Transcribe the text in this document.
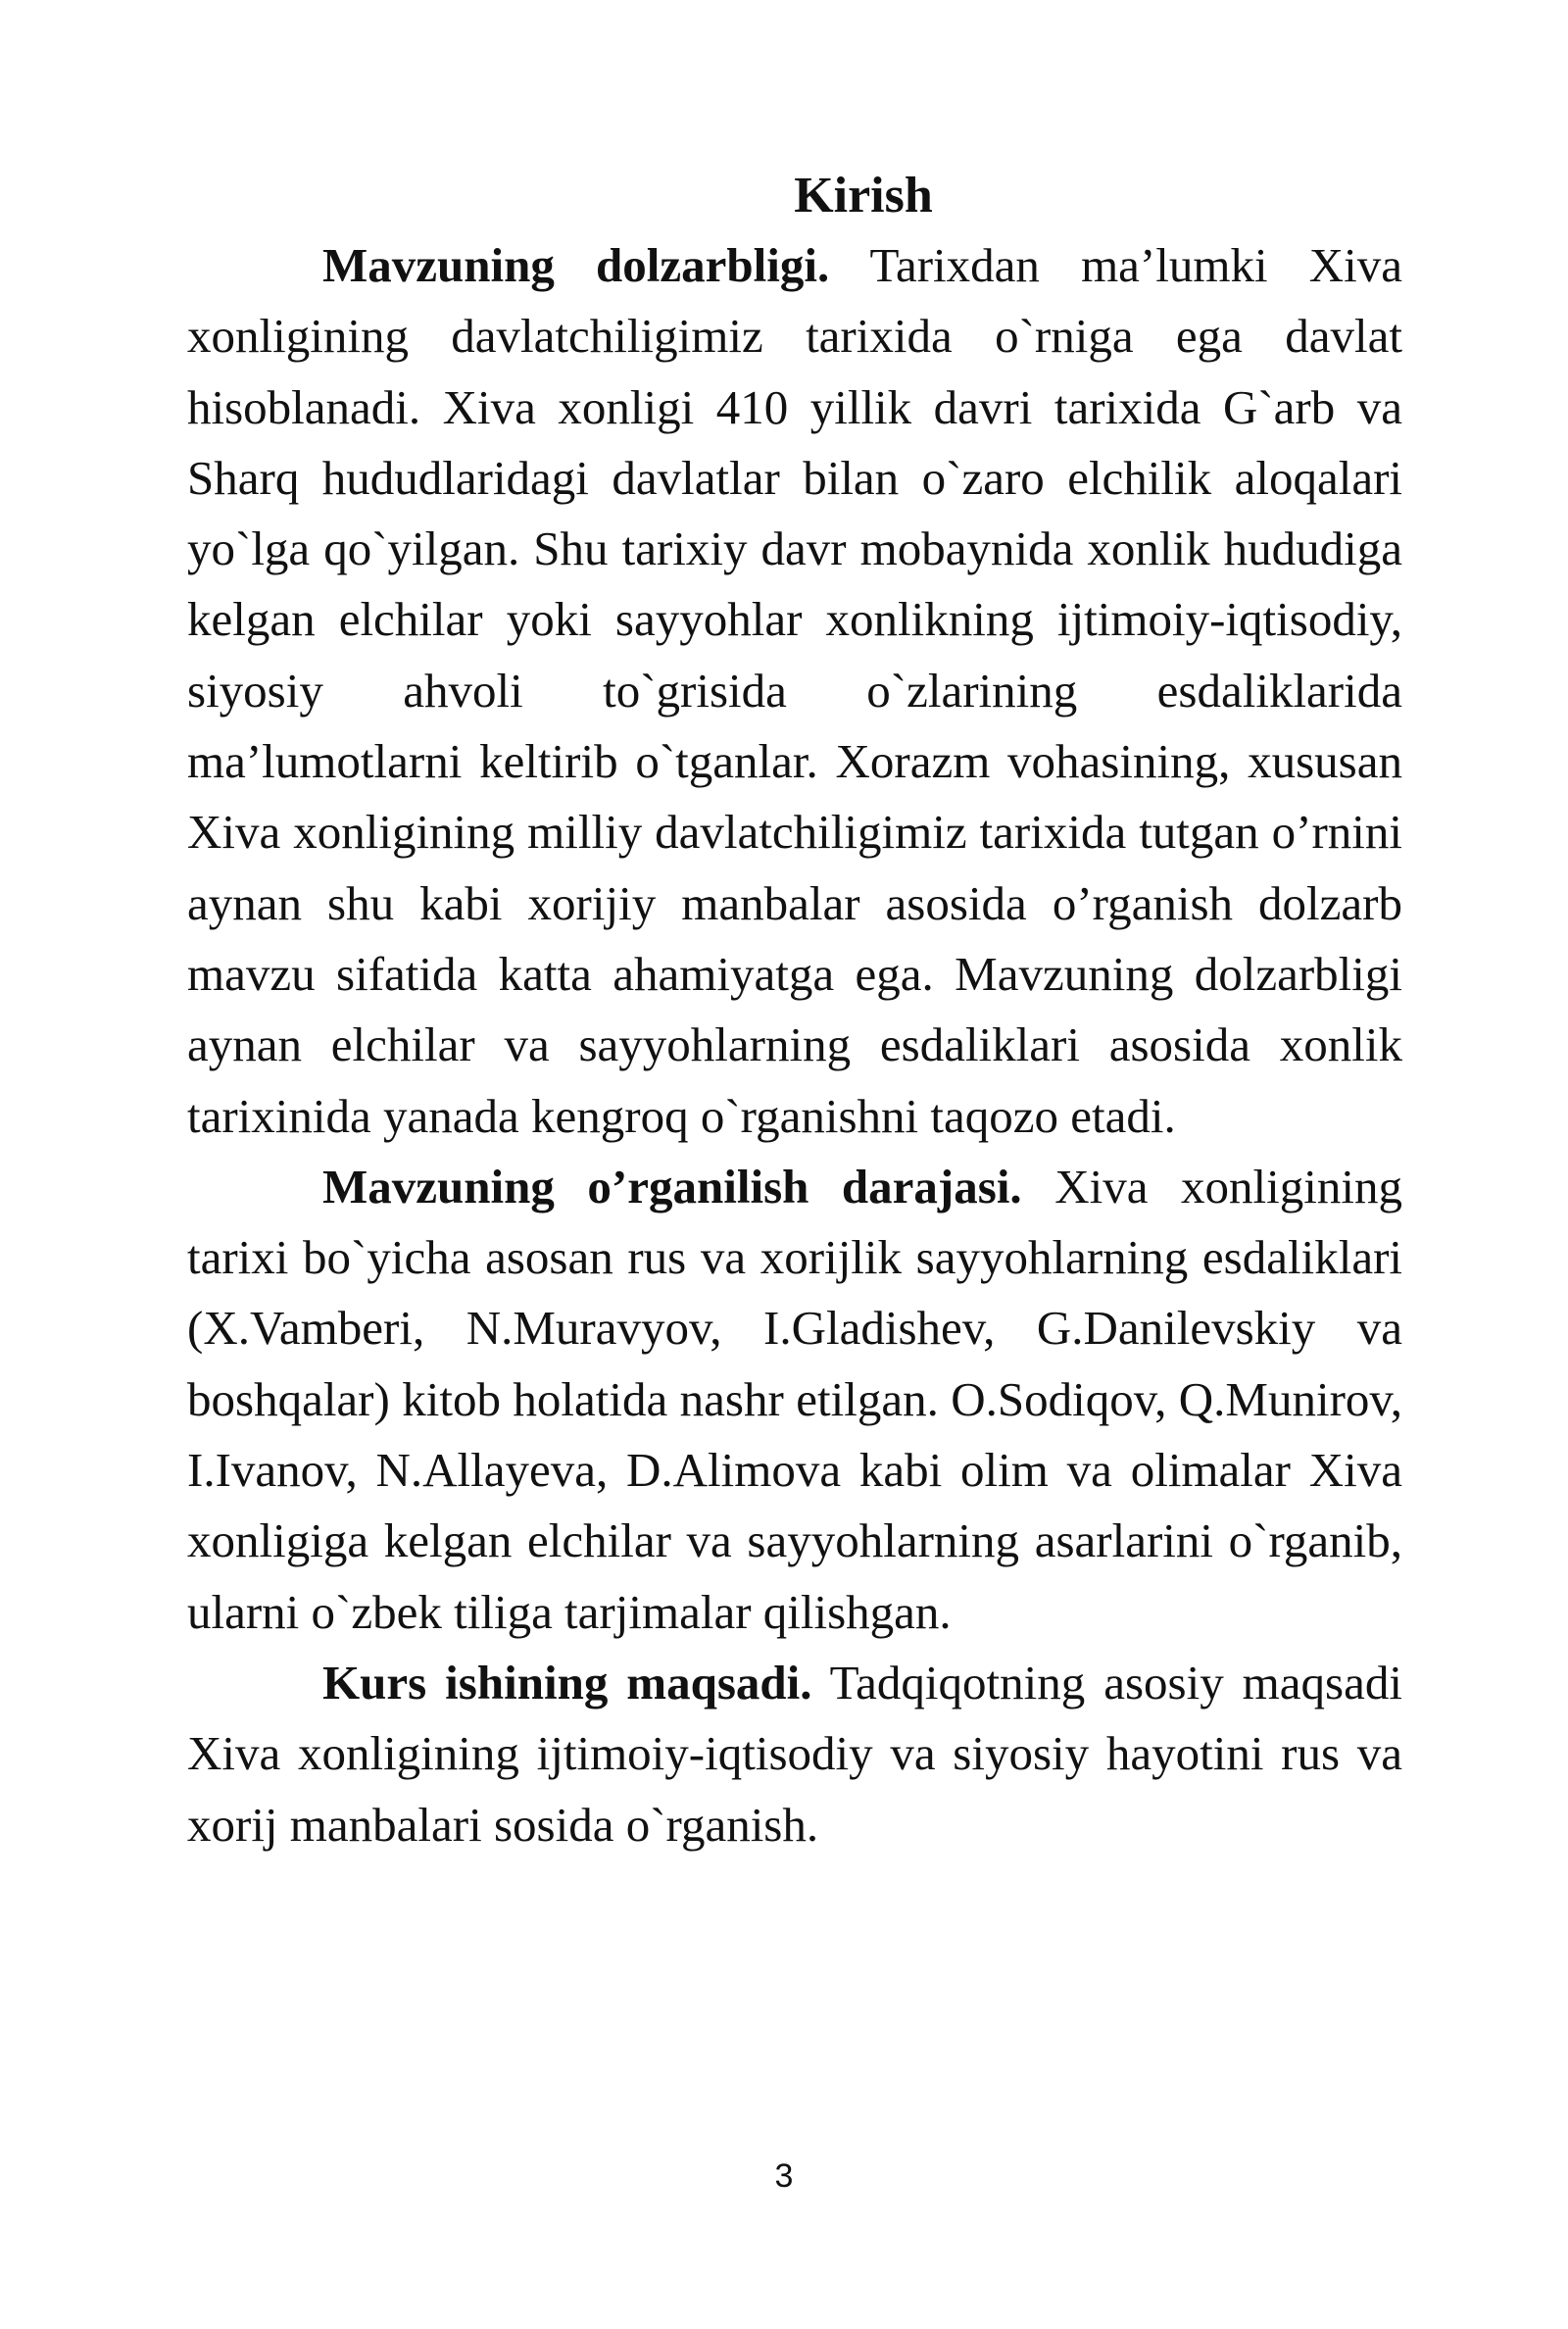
Kirish

Mavzuning dolzarbligi. Tarixdan ma’lumki Xiva xonligining davlatchiligimiz tarixida o`rniga ega davlat hisoblanadi. Xiva xonligi 410 yillik davri tarixida G`arb va Sharq hududlaridagi davlatlar bilan o`zaro elchilik aloqalari yo`lga qo`yilgan. Shu tarixiy davr mobaynida xonlik hududiga kelgan elchilar yoki sayyohlar xonlikning ijtimoiy-iqtisodiy, siyosiy ahvoli to`grisida o`zlarining esdaliklarida ma’lumotlarni keltirib o`tganlar. Xorazm vohasining, xususan Xiva xonligining milliy davlatchiligimiz tarixida tutgan o’rnini aynan shu kabi xorijiy manbalar asosida o’rganish dolzarb mavzu sifatida katta ahamiyatga ega. Mavzuning dolzarbligi aynan elchilar va sayyohlarning esdaliklari asosida xonlik tarixinida yanada kengroq o`rganishni taqozo etadi.

Mavzuning o’rganilish darajasi. Xiva xonligining tarixi bo`yicha asosan rus va xorijlik sayyohlarning esdaliklari (X.Vamberi, N.Muravyov, I.Gladishev, G.Danilevskiy va boshqalar) kitob holatida nashr etilgan. O.Sodiqov, Q.Munirov, I.Ivanov, N.Allayeva, D.Alimova kabi olim va olimalar Xiva xonligiga kelgan elchilar va sayyohlarning asarlarini o`rganib, ularni o`zbek tiliga tarjimalar qilishgan.

Kurs ishining maqsadi. Tadqiqotning asosiy maqsadi Xiva xonligining ijtimoiy-iqtisodiy va siyosiy hayotini rus va xorij manbalari sosida o`rganish.

3
